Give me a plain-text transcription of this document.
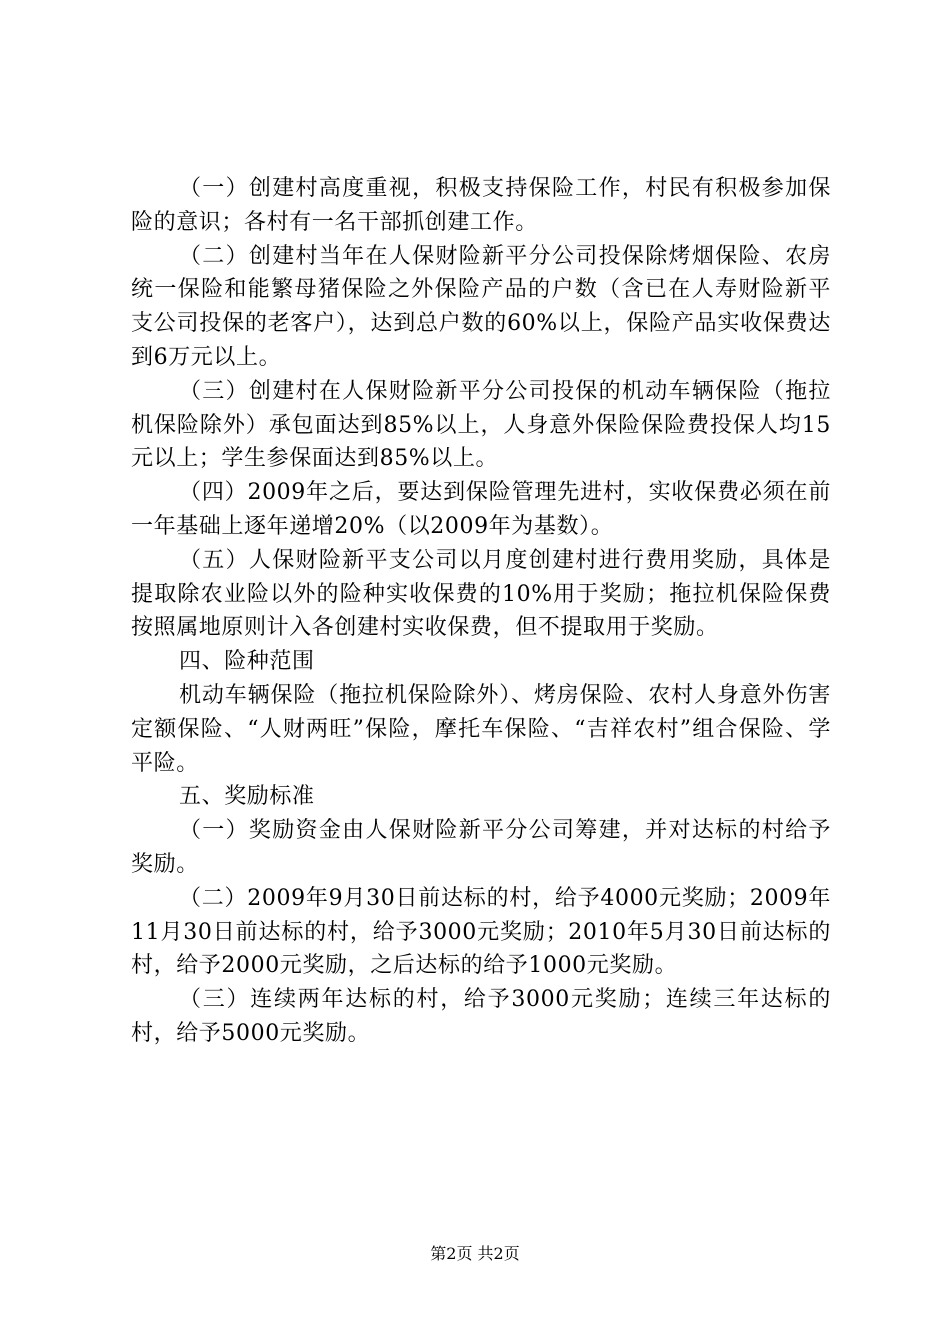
（一）创建村高度重视，积极支持保险工作，村民有积极参加保险的意识；各村有一名干部抓创建工作。

（二）创建村当年在人保财险新平分公司投保除烤烟保险、农房统一保险和能繁母猪保险之外保险产品的户数（含已在人寿财险新平支公司投保的老客户），达到总户数的60%以上，保险产品实收保费达到6万元以上。

（三）创建村在人保财险新平分公司投保的机动车辆保险（拖拉机保险除外）承包面达到85%以上，人身意外保险保险费投保人均15元以上；学生参保面达到85%以上。

（四）2009年之后，要达到保险管理先进村，实收保费必须在前一年基础上逐年递增20%（以2009年为基数）。

（五）人保财险新平支公司以月度创建村进行费用奖励，具体是提取除农业险以外的险种实收保费的10%用于奖励；拖拉机保险保费按照属地原则计入各创建村实收保费，但不提取用于奖励。

四、险种范围

机动车辆保险（拖拉机保险除外）、烤房保险、农村人身意外伤害定额保险、“人财两旺”保险，摩托车保险、“吉祥农村”组合保险、学平险。

五、奖励标准

（一）奖励资金由人保财险新平分公司筹建，并对达标的村给予奖励。

（二）2009年9月30日前达标的村，给予4000元奖励；2009年11月30日前达标的村，给予3000元奖励；2010年5月30日前达标的村，给予2000元奖励，之后达标的给予1000元奖励。

（三）连续两年达标的村，给予3000元奖励；连续三年达标的村，给予5000元奖励。

第2页 共2页
